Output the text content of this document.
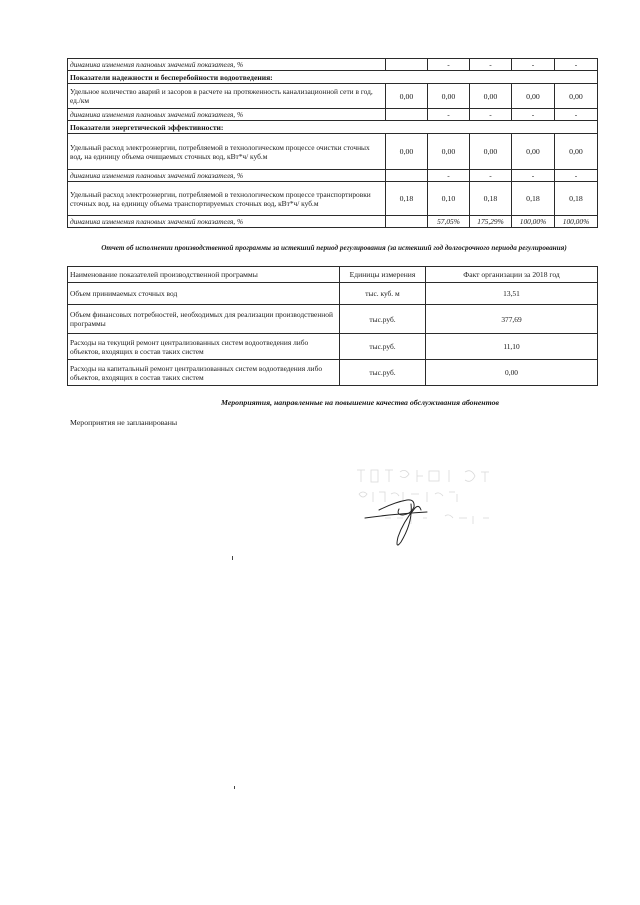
динамика изменения плановых значений показателя, %		-	-	-	-
Показатели надежности и бесперебойности водоотведения:					
Удельное количество аварий и засоров в расчете на протяженность канализационной сети в год, ед./км	0,00	0,00	0,00	0,00	0,00
динамика изменения плановых значений показателя, %		-	-	-	-
Показатели энергетической эффективности:					
Удельный расход электроэнергии, потребляемой в технологическом процессе очистки сточных вод, на единицу объема очищаемых сточных вод, кВт*ч/ куб.м	0,00	0,00	0,00	0,00	0,00
динамика изменения плановых значений показателя, %		-	-	-	-
Удельный расход электроэнергии, потребляемой в технологическом процессе транспортировки сточных вод, на единицу объема транспортируемых сточных вод, кВт*ч/ куб.м	0,18	0,10	0,18	0,18	0,18
динамика изменения плановых значений показателя, %		57,05%	175,29%	100,00%	100,00%
Отчет об исполнении производственной программы за истекший период регулирования (за истекший год долгосрочного периода регулирования)
Наименование показателей производственной программы	Единицы измерения	Факт организации за 2018 год
Объем принимаемых сточных вод	тыс. куб. м	13,51
Объем финансовых потребностей, необходимых для реализации производственной программы	тыс.руб.	377,69
Расходы на текущий ремонт централизованных систем водоотведения либо объектов, входящих в состав таких систем	тыс.руб.	11,10
Расходы на капитальный ремонт централизованных систем водоотведения либо объектов, входящих в состав таких систем	тыс.руб.	0,00
Мероприятия, направленные на повышение качества обслуживания абонентов
Мероприятия не запланированы
